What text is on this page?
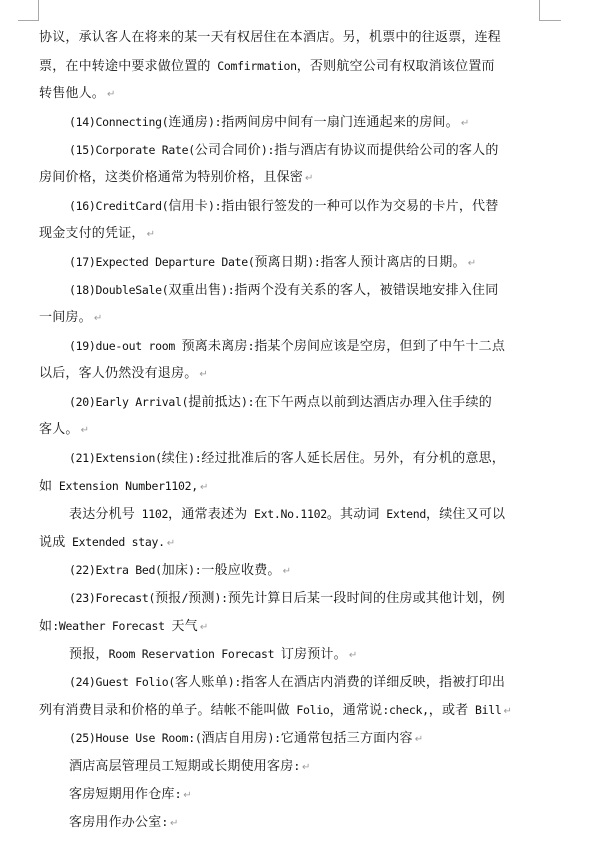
协议，承认客人在将来的某一天有权居住在本酒店。另，机票中的往返票，连程
票，在中转途中要求做位置的 Comfirmation，否则航空公司有权取消该位置而
转售他人。 ↵
(14)Connecting(连通房):指两间房中间有一扇门连通起来的房间。 ↵
(15)Corporate Rate(公司合同价):指与酒店有协议而提供给公司的客人的
房间价格，这类价格通常为特别价格，且保密 ↵
(16)CreditCard(信用卡):指由银行签发的一种可以作为交易的卡片，代替
现金支付的凭证， ↵
(17)Expected Departure Date(预离日期):指客人预计离店的日期。 ↵
(18)DoubleSale(双重出售):指两个没有关系的客人，被错误地安排入住同
一间房。 ↵
(19)due-out room 预离未离房:指某个房间应该是空房，但到了中午十二点
以后，客人仍然没有退房。 ↵
(20)Early Arrival(提前抵达):在下午两点以前到达酒店办理入住手续的
客人。 ↵
(21)Extension(续住):经过批准后的客人延长居住。另外，有分机的意思，
如 Extension Number1102, ↵
表达分机号 1102，通常表述为 Ext.No.1102。其动词 Extend，续住又可以
说成 Extended stay. ↵
(22)Extra Bed(加床):一般应收费。 ↵
(23)Forecast(预报/预测):预先计算日后某一段时间的住房或其他计划，例
如:Weather Forecast 天气 ↵
预报，Room Reservation Forecast 订房预计。 ↵
(24)Guest Folio(客人账单):指客人在酒店内消费的详细反映，指被打印出
列有消费目录和价格的单子。结帐不能叫做 Folio，通常说:check,，或者 Bill ↵
(25)House Use Room:(酒店自用房):它通常包括三方面内容 ↵
酒店高层管理员工短期或长期使用客房: ↵
客房短期用作仓库: ↵
客房用作办公室: ↵
